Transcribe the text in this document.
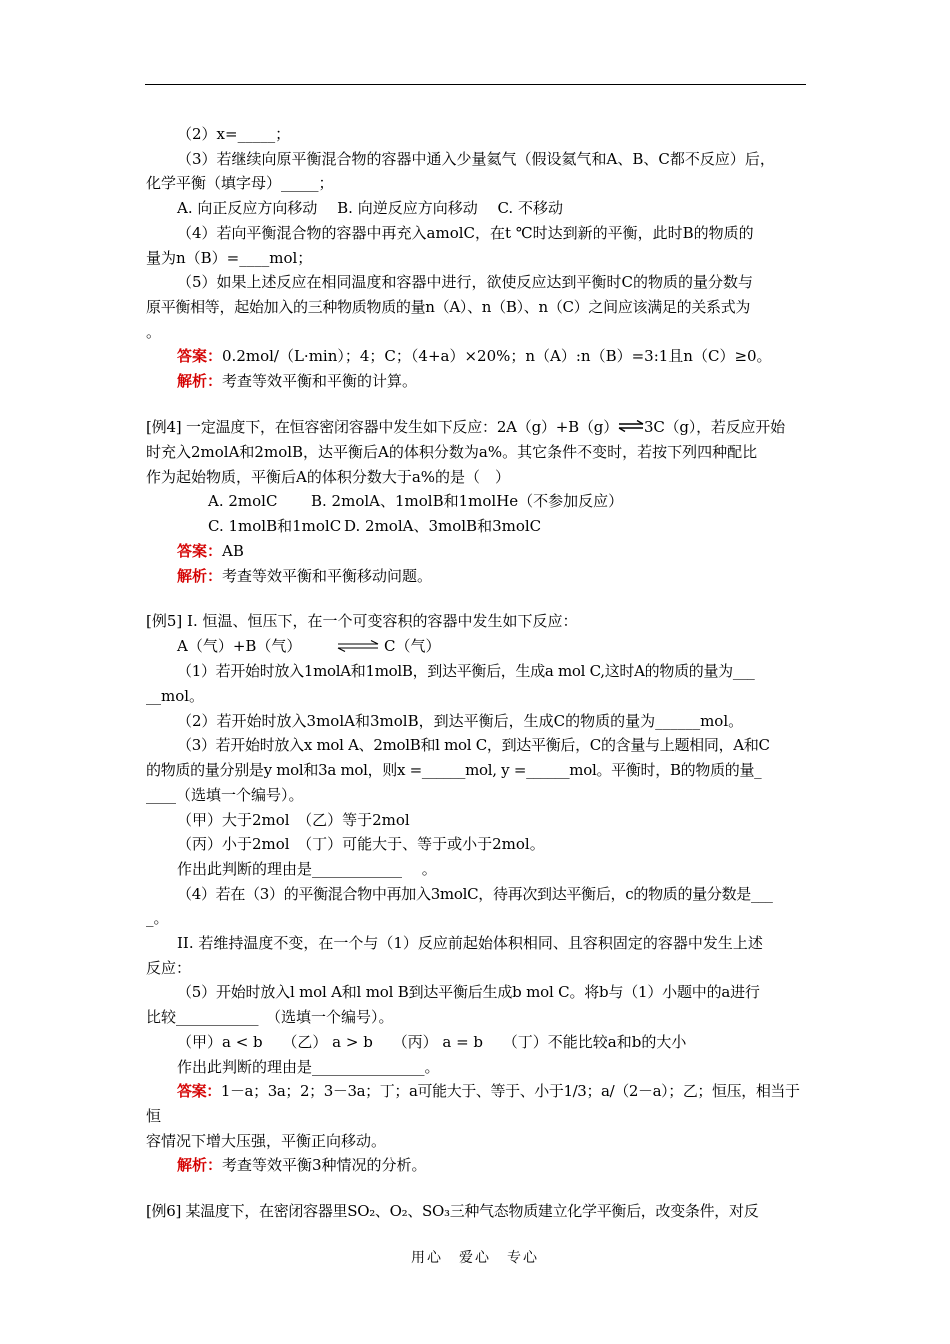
（2）x=_____；

（3）若继续向原平衡混合物的容器中通入少量氦气（假设氦气和A、B、C都不反应）后，

化学平衡（填字母）_____；

A. 向正反应方向移动　 B. 向逆反应方向移动　 C. 不移动

（4）若向平衡混合物的容器中再充入amolC，在t ℃时达到新的平衡，此时B的物质的

量为n（B）=____mol；

（5）如果上述反应在相同温度和容器中进行，欲使反应达到平衡时C的物质的量分数与

原平衡相等，起始加入的三种物质物质的量n（A）、n（B）、n（C）之间应该满足的关系式为

。

答案：0.2mol/（L·min）；4；C；（4+a）×20%；n（A）:n（B）=3:1且n（C）≥0。

解析：考查等效平衡和平衡的计算。

[例4] 一定温度下，在恒容密闭容器中发生如下反应：2A（g）+B（g）⇌3C（g），若反应开始

时充入2molA和2molB，达平衡后A的体积分数为a%。其它条件不变时，若按下列四种配比

作为起始物质，平衡后A的体积分数大于a%的是（　）

A. 2molC B. 2molA、1molB和1molHe（不参加反应）

C. 1molB和1molC D. 2molA、3molB和3molC

答案：AB

解析：考查等效平衡和平衡移动问题。

[例5] I. 恒温、恒压下，在一个可变容积的容器中发生如下反应：

A（气）+B（气）	C（气）

（1）若开始时放入1molA和1molB，到达平衡后，生成a mol C,这时A的物质的量为___

__mol。

（2）若开始时放入3molA和3molB，到达平衡后，生成C的物质的量为______mol。

（3）若开始时放入x mol A、2molB和l mol C，到达平衡后，C的含量与上题相同，A和C

的物质的量分别是y mol和3a mol，则x =______mol, y =______mol。平衡时，B的物质的量_

____（选填一个编号）。

（甲）大于2mol　（乙）等于2mol

（丙）小于2mol　（丁）可能大于、等于或小于2mol。

作出此判断的理由是____________　 。

（4）若在（3）的平衡混合物中再加入3molC，待再次到达平衡后，c的物质的量分数是___

_。

II. 若维持温度不变，在一个与（1）反应前起始体积相同、且容积固定的容器中发生上述

反应：

（5）开始时放入l mol A和l mol B到达平衡后生成b mol C。将b与（1）小题中的a进行

比较___________　（选填一个编号）。

（甲）a < b　 （乙） a > b　 （丙） a = b　 （丁）不能比较a和b的大小

作出此判断的理由是_______________。

答案：1－a；3a；2；3－3a；丁；a可能大于、等于、小于1/3；a/（2－a）；乙；恒压，相当于恒

容情况下增大压强，平衡正向移动。

解析：考查等效平衡3种情况的分析。

[例6] 某温度下，在密闭容器里SO₂、O₂、SO₃三种气态物质建立化学平衡后，改变条件，对反

用心　爱心　专心
